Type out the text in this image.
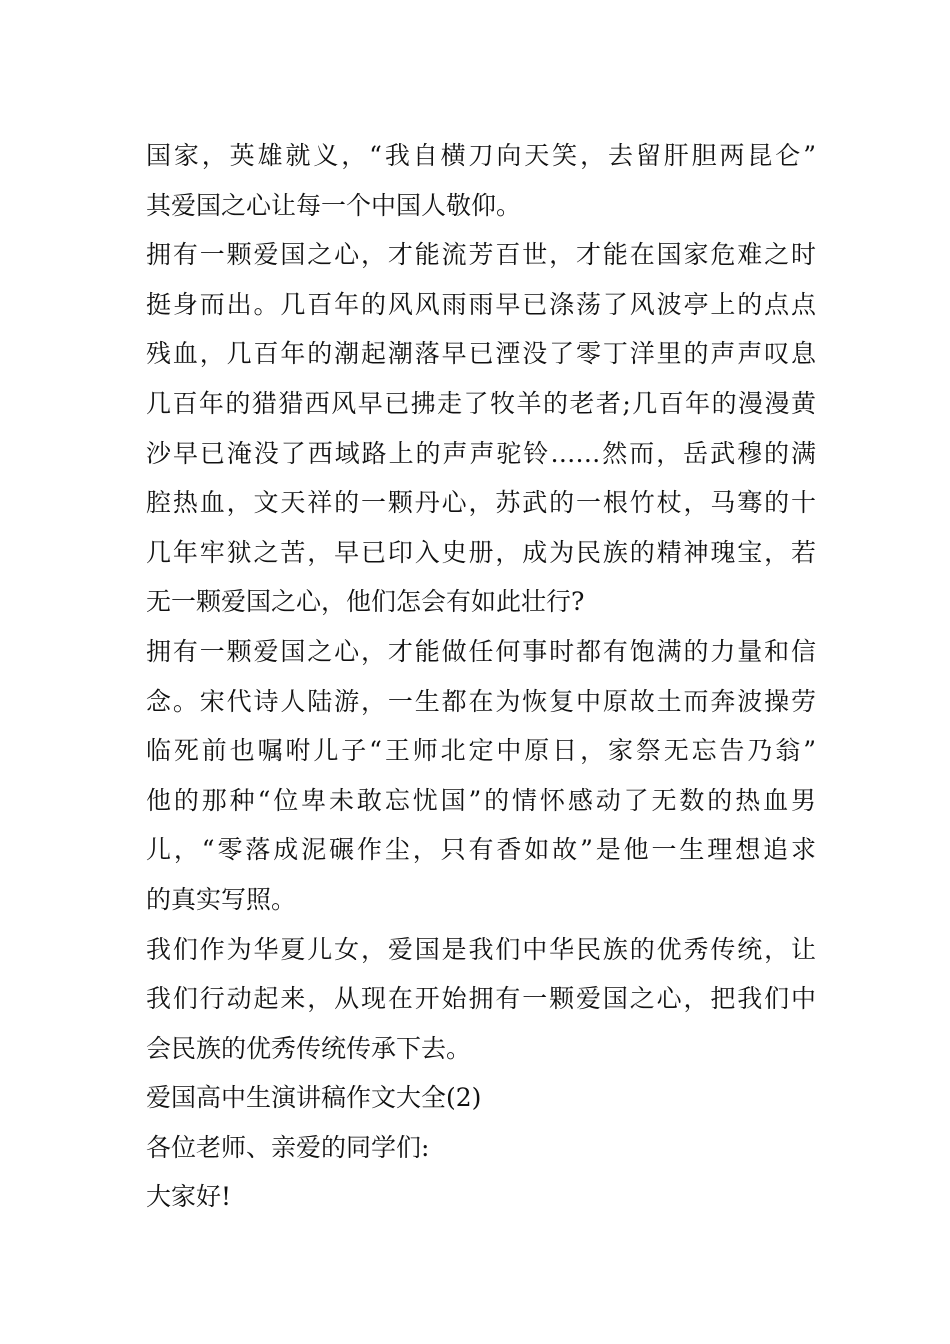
国家，英雄就义，“我自横刀向天笑，去留肝胆两昆仑”
其爱国之心让每一个中国人敬仰。
拥有一颗爱国之心，才能流芳百世，才能在国家危难之时
挺身而出。几百年的风风雨雨早已涤荡了风波亭上的点点
残血，几百年的潮起潮落早已湮没了零丁洋里的声声叹息
几百年的猎猎西风早已拂走了牧羊的老者;几百年的漫漫黄
沙早已淹没了西域路上的声声驼铃……然而，岳武穆的满
腔热血，文天祥的一颗丹心，苏武的一根竹杖，马骞的十
几年牢狱之苦，早已印入史册，成为民族的精神瑰宝，若
无一颗爱国之心，他们怎会有如此壮行?
拥有一颗爱国之心，才能做任何事时都有饱满的力量和信
念。宋代诗人陆游，一生都在为恢复中原故土而奔波操劳
临死前也嘱咐儿子“王师北定中原日，家祭无忘告乃翁”
他的那种“位卑未敢忘忧国”的情怀感动了无数的热血男
儿，“零落成泥碾作尘，只有香如故”是他一生理想追求
的真实写照。
我们作为华夏儿女，爱国是我们中华民族的优秀传统，让
我们行动起来，从现在开始拥有一颗爱国之心，把我们中
会民族的优秀传统传承下去。
爱国高中生演讲稿作文大全(2)
各位老师、亲爱的同学们:
大家好!
